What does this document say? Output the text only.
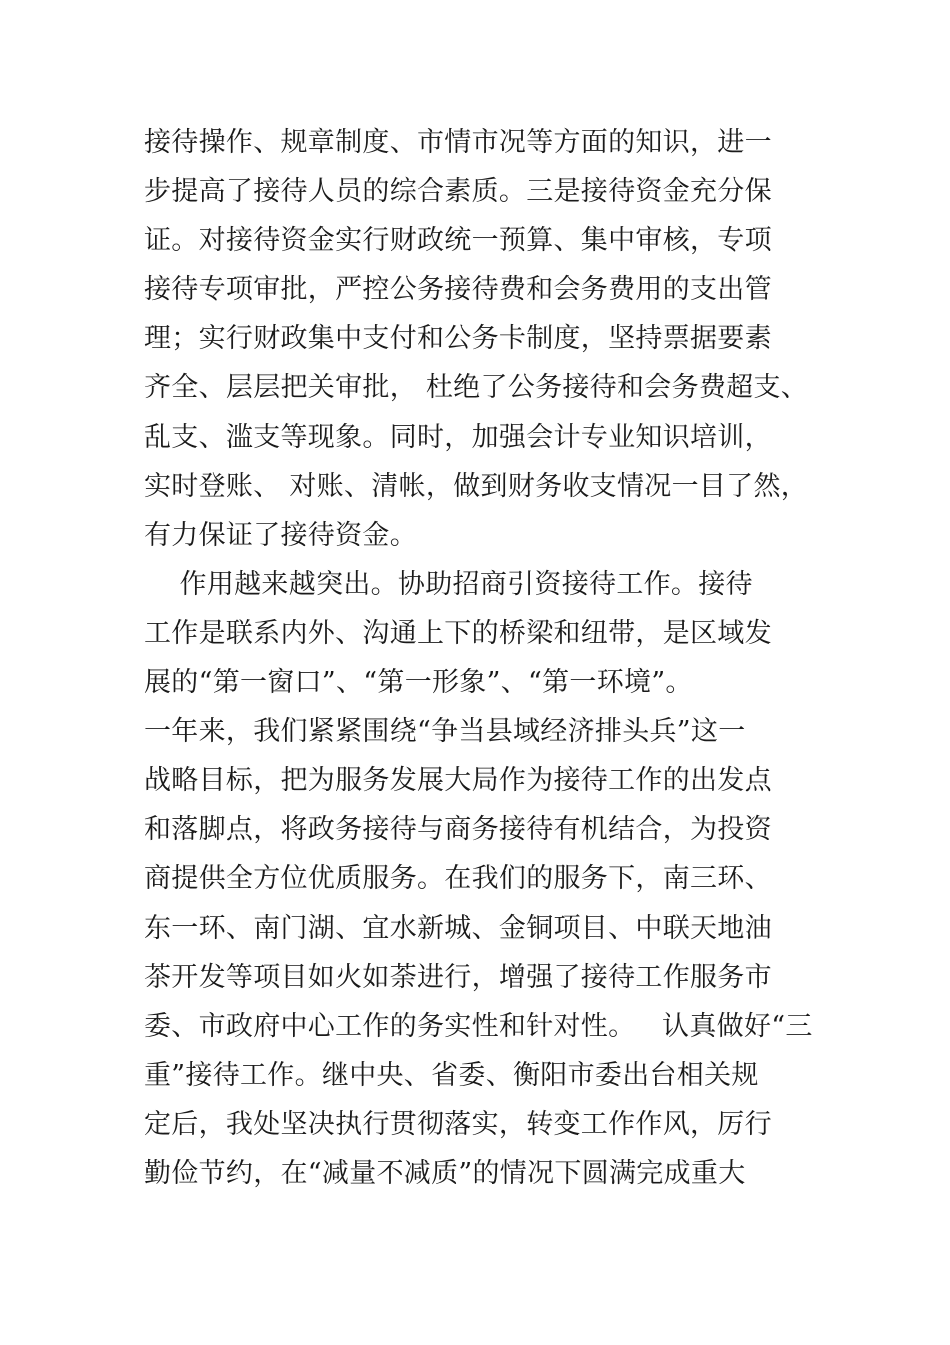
接待操作、规章制度、市情市况等方面的知识，进一
步提高了接待人员的综合素质。三是接待资金充分保
证。对接待资金实行财政统一预算、集中审核，专项
接待专项审批，严控公务接待费和会务费用的支出管
理；实行财政集中支付和公务卡制度，坚持票据要素
齐全、层层把关审批， 杜绝了公务接待和会务费超支、
乱支、滥支等现象。同时，加强会计专业知识培训，
实时登账、 对账、清帐，做到财务收支情况一目了然，
有力保证了接待资金。
作用越来越突出。协助招商引资接待工作。接待
工作是联系内外、沟通上下的桥梁和纽带，是区域发
展的“第一窗口”、“第一形象”、“第一环境”。
一年来，我们紧紧围绕“争当县域经济排头兵”这一
战略目标，把为服务发展大局作为接待工作的出发点
和落脚点，将政务接待与商务接待有机结合，为投资
商提供全方位优质服务。在我们的服务下，南三环、
东一环、南门湖、宜水新城、金铜项目、中联天地油
茶开发等项目如火如荼进行，增强了接待工作服务市
委、市政府中心工作的务实性和针对性。   认真做好“三
重”接待工作。继中央、省委、衡阳市委出台相关规
定后，我处坚决执行贯彻落实，转变工作作风，厉行
勤俭节约，在“减量不减质”的情况下圆满完成重大
